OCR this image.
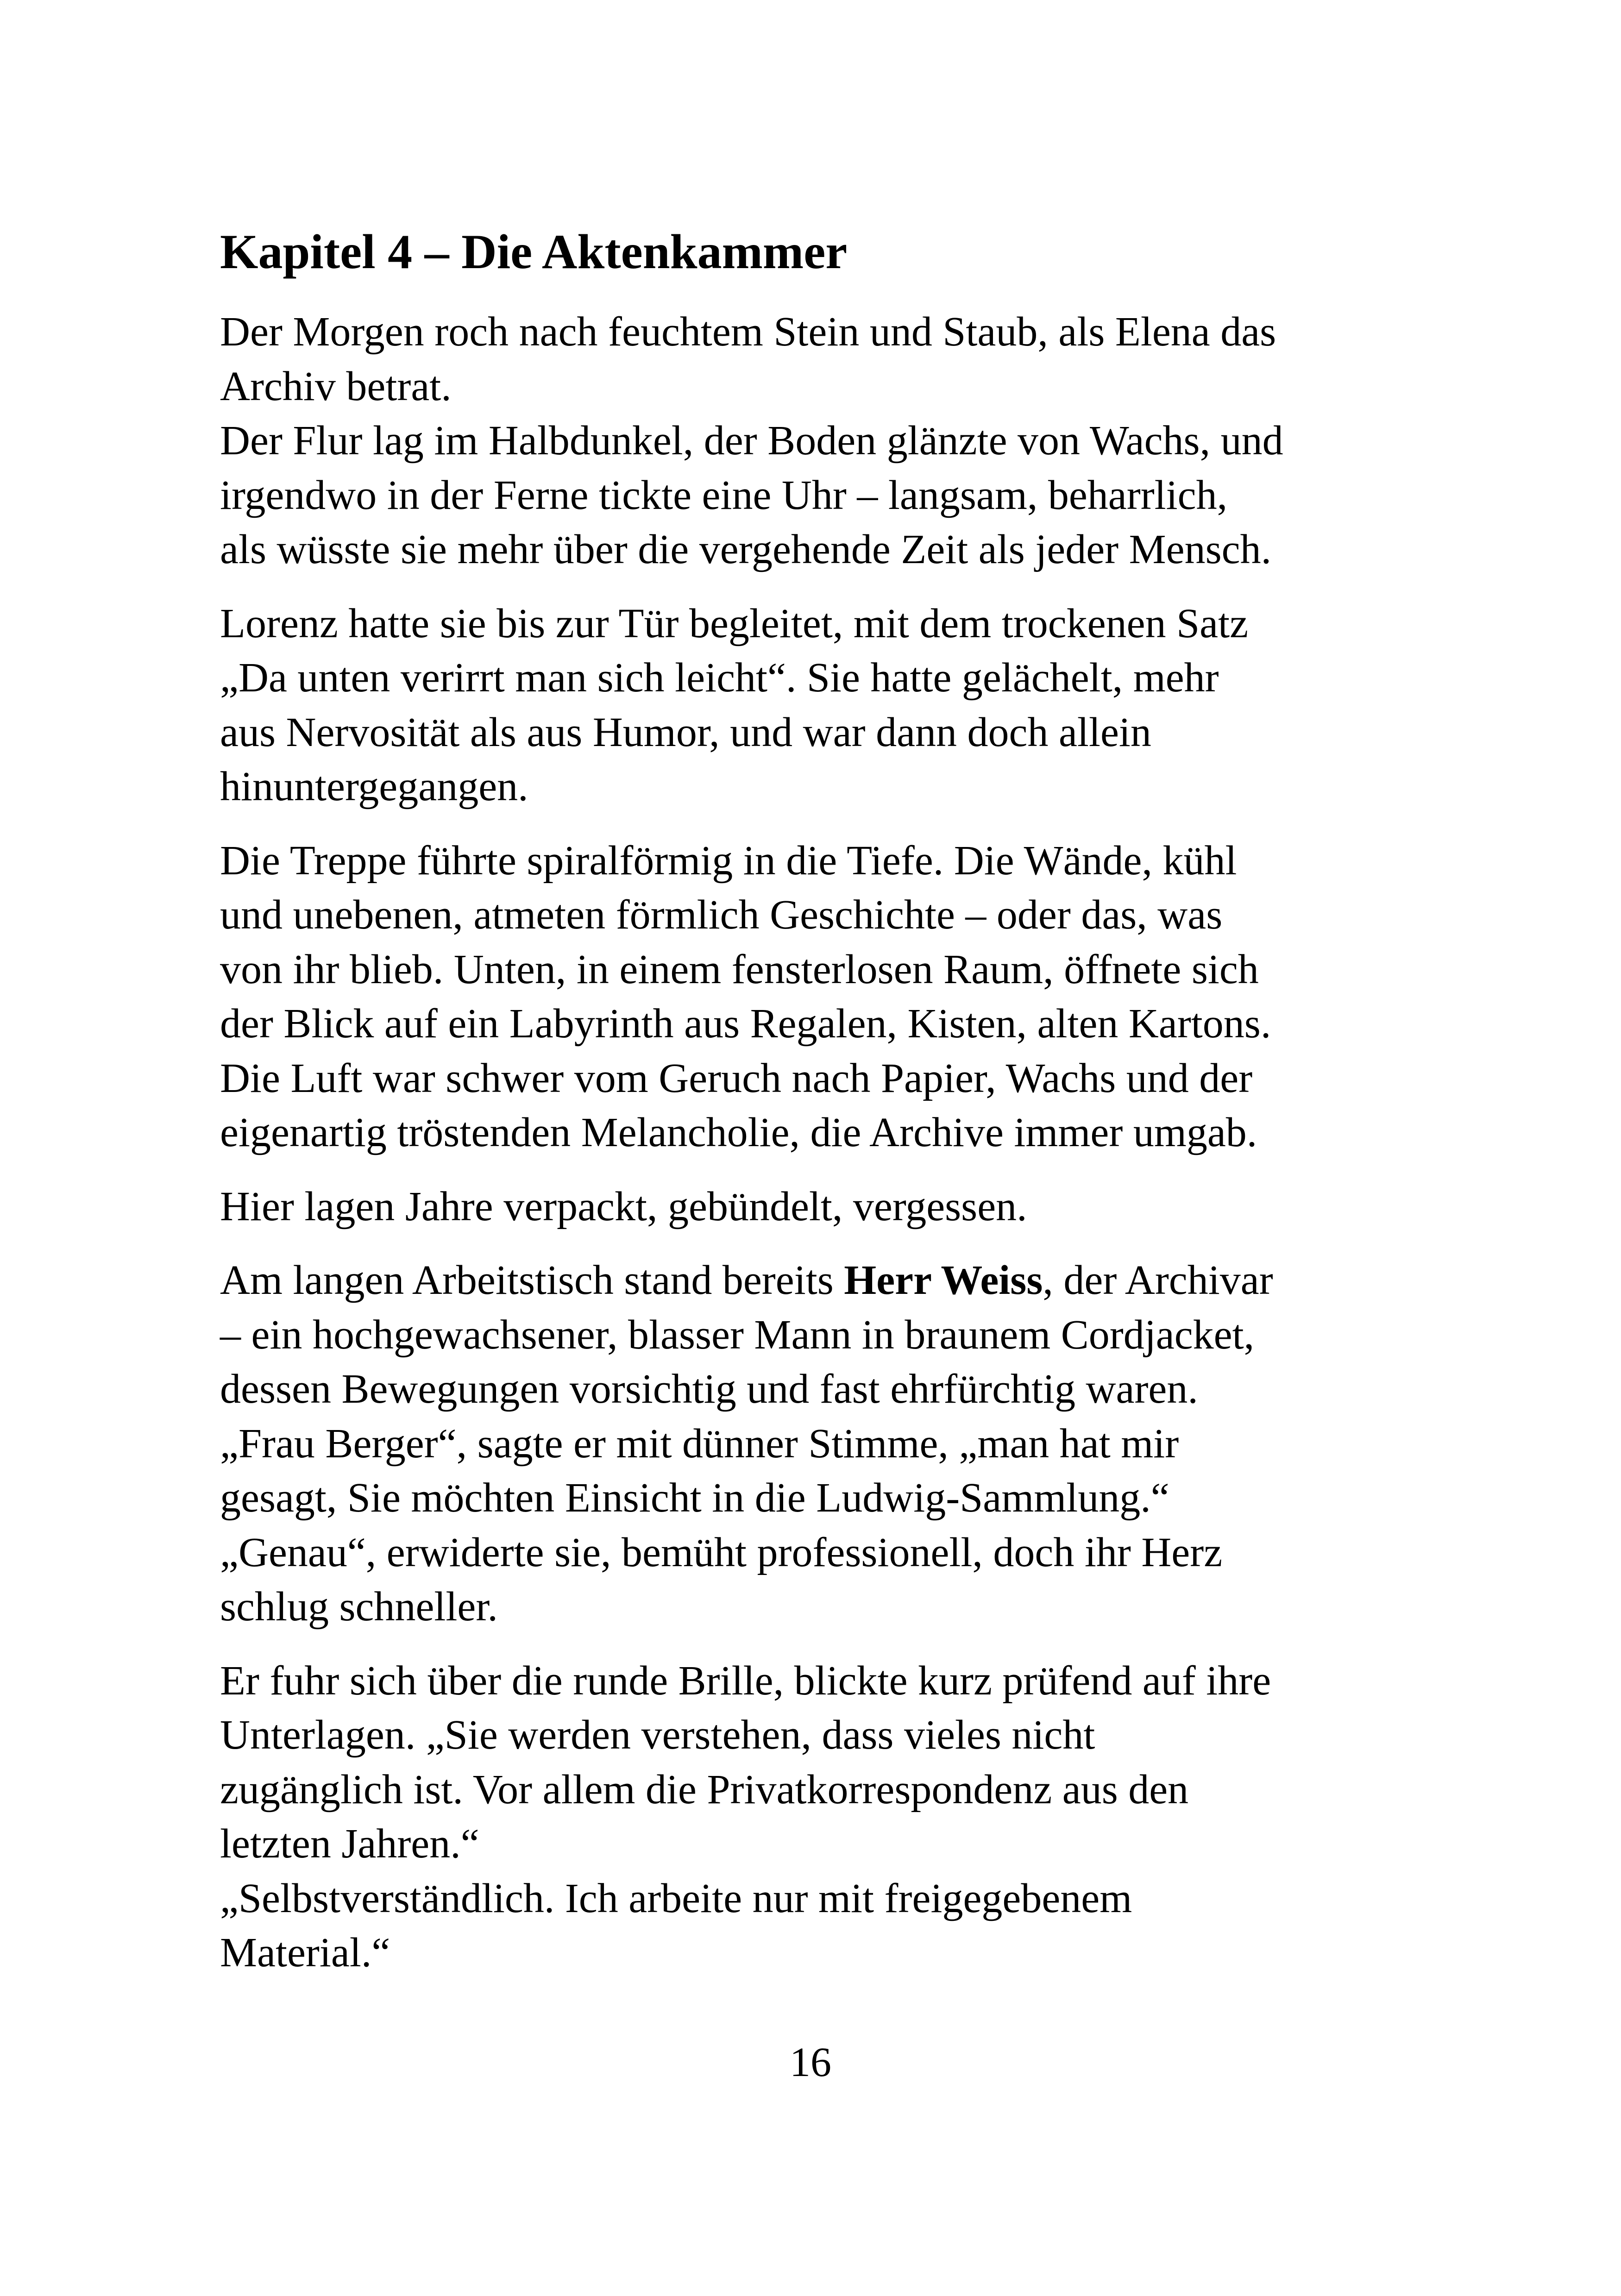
Kapitel 4 – Die Aktenkammer

Der Morgen roch nach feuchtem Stein und Staub, als Elena das
Archiv betrat.
Der Flur lag im Halbdunkel, der Boden glänzte von Wachs, und
irgendwo in der Ferne tickte eine Uhr – langsam, beharrlich,
als wüsste sie mehr über die vergehende Zeit als jeder Mensch.

Lorenz hatte sie bis zur Tür begleitet, mit dem trockenen Satz
„Da unten verirrt man sich leicht“. Sie hatte gelächelt, mehr
aus Nervosität als aus Humor, und war dann doch allein
hinuntergegangen.

Die Treppe führte spiralförmig in die Tiefe. Die Wände, kühl
und unebenen, atmeten förmlich Geschichte – oder das, was
von ihr blieb. Unten, in einem fensterlosen Raum, öffnete sich
der Blick auf ein Labyrinth aus Regalen, Kisten, alten Kartons.
Die Luft war schwer vom Geruch nach Papier, Wachs und der
eigenartig tröstenden Melancholie, die Archive immer umgab.

Hier lagen Jahre verpackt, gebündelt, vergessen.

Am langen Arbeitstisch stand bereits Herr Weiss, der Archivar
– ein hochgewachsener, blasser Mann in braunem Cordjacket,
dessen Bewegungen vorsichtig und fast ehrfürchtig waren.
„Frau Berger“, sagte er mit dünner Stimme, „man hat mir
gesagt, Sie möchten Einsicht in die Ludwig-Sammlung.“
„Genau“, erwiderte sie, bemüht professionell, doch ihr Herz
schlug schneller.

Er fuhr sich über die runde Brille, blickte kurz prüfend auf ihre
Unterlagen. „Sie werden verstehen, dass vieles nicht
zugänglich ist. Vor allem die Privatkorrespondenz aus den
letzten Jahren.“
„Selbstverständlich. Ich arbeite nur mit freigegebenem
Material.“

16
